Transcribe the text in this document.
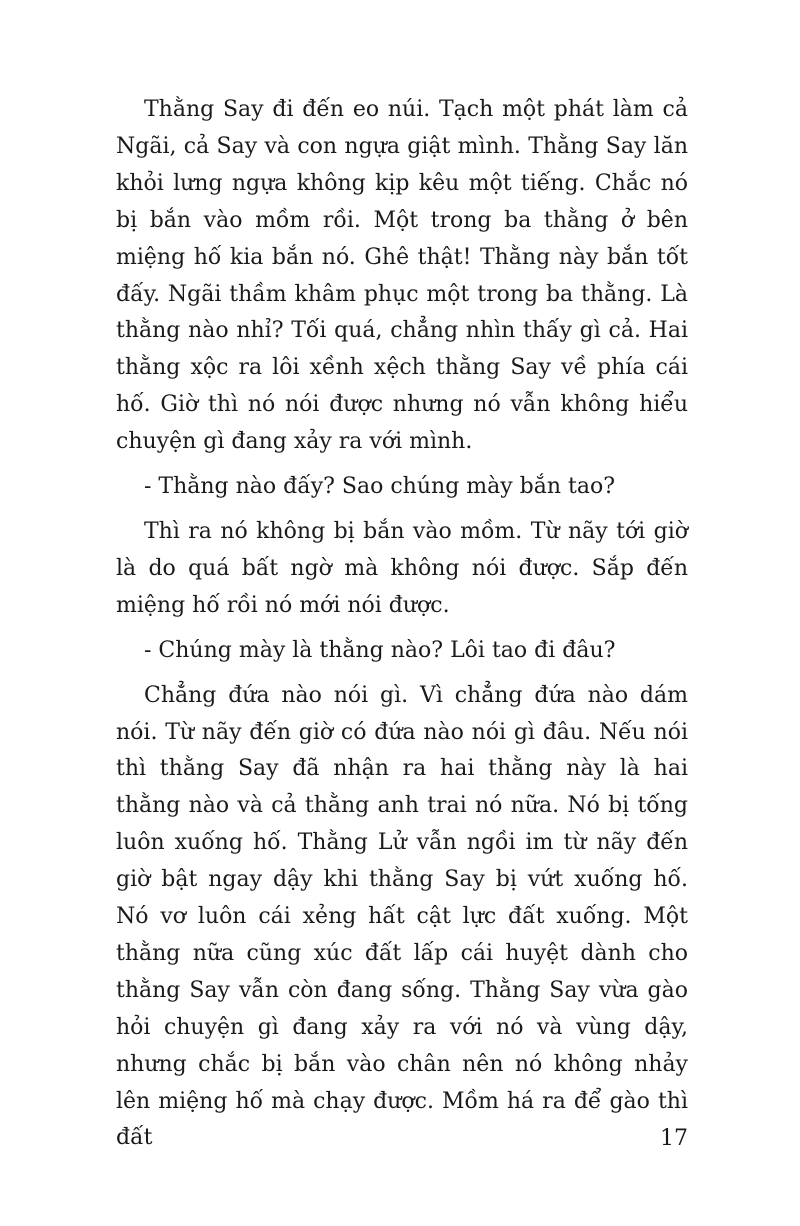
Thằng Say đi đến eo núi. Tạch một phát làm cả Ngãi, cả Say và con ngựa giật mình. Thằng Say lăn khỏi lưng ngựa không kịp kêu một tiếng. Chắc nó bị bắn vào mồm rồi. Một trong ba thằng ở bên miệng hố kia bắn nó. Ghê thật! Thằng này bắn tốt đấy. Ngãi thầm khâm phục một trong ba thằng. Là thằng nào nhỉ? Tối quá, chẳng nhìn thấy gì cả. Hai thằng xộc ra lôi xềnh xệch thằng Say về phía cái hố. Giờ thì nó nói được nhưng nó vẫn không hiểu chuyện gì đang xảy ra với mình.

- Thằng nào đấy? Sao chúng mày bắn tao?

Thì ra nó không bị bắn vào mồm. Từ nãy tới giờ là do quá bất ngờ mà không nói được. Sắp đến miệng hố rồi nó mới nói được.

- Chúng mày là thằng nào? Lôi tao đi đâu?

Chẳng đứa nào nói gì. Vì chẳng đứa nào dám nói. Từ nãy đến giờ có đứa nào nói gì đâu. Nếu nói thì thằng Say đã nhận ra hai thằng này là hai thằng nào và cả thằng anh trai nó nữa. Nó bị tống luôn xuống hố. Thằng Lử vẫn ngồi im từ nãy đến giờ bật ngay dậy khi thằng Say bị vứt xuống hố. Nó vơ luôn cái xẻng hất cật lực đất xuống. Một thằng nữa cũng xúc đất lấp cái huyệt dành cho thằng Say vẫn còn đang sống. Thằng Say vừa gào hỏi chuyện gì đang xảy ra với nó và vùng dậy, nhưng chắc bị bắn vào chân nên nó không nhảy lên miệng hố mà chạy được. Mồm há ra để gào thì đất	17
